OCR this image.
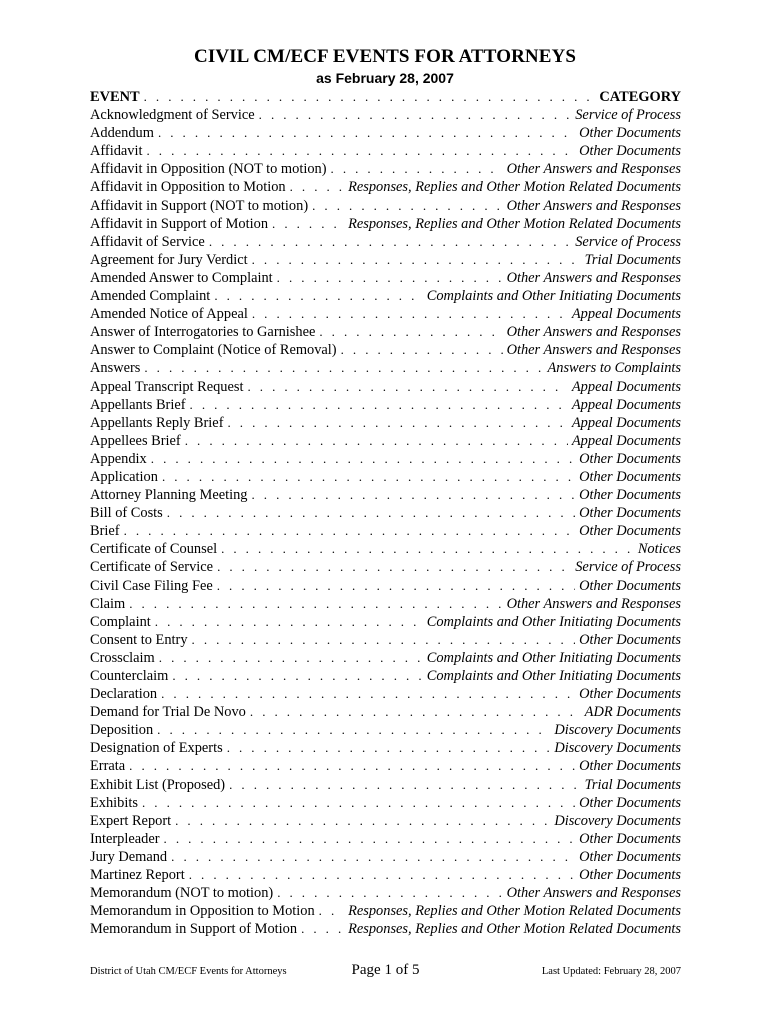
CIVIL CM/ECF EVENTS FOR ATTORNEYS
as February 28, 2007
EVENT . . .	CATEGORY
Acknowledgment of Service . . .	Service of Process
Addendum . . .	Other Documents
Affidavit . . .	Other Documents
Affidavit in Opposition (NOT to motion) . . .	Other Answers and Responses
Affidavit in Opposition to Motion . . .	Responses, Replies and Other Motion Related Documents
Affidavit in Support (NOT to motion) . . .	Other Answers and Responses
Affidavit in Support of Motion . . .	Responses, Replies and Other Motion Related Documents
Affidavit of Service . . .	Service of Process
Agreement for Jury Verdict . . .	Trial Documents
Amended Answer to Complaint . . .	Other Answers and Responses
Amended Complaint . . .	Complaints and Other Initiating Documents
Amended Notice of Appeal . . .	Appeal Documents
Answer of Interrogatories to Garnishee . . .	Other Answers and Responses
Answer to Complaint (Notice of Removal) . . .	Other Answers and Responses
Answers . . .	Answers to Complaints
Appeal Transcript Request . . .	Appeal Documents
Appellants Brief . . .	Appeal Documents
Appellants Reply Brief . . .	Appeal Documents
Appellees Brief . . .	Appeal Documents
Appendix . . .	Other Documents
Application . . .	Other Documents
Attorney Planning Meeting . . .	Other Documents
Bill of Costs . . .	Other Documents
Brief . . .	Other Documents
Certificate of Counsel . . .	Notices
Certificate of Service . . .	Service of Process
Civil Case Filing Fee . . .	Other Documents
Claim . . .	Other Answers and Responses
Complaint . . .	Complaints and Other Initiating Documents
Consent to Entry . . .	Other Documents
Crossclaim . . .	Complaints and Other Initiating Documents
Counterclaim . . .	Complaints and Other Initiating Documents
Declaration . . .	Other Documents
Demand for Trial De Novo . . .	ADR Documents
Deposition . . .	Discovery Documents
Designation of Experts . . .	Discovery Documents
Errata . . .	Other Documents
Exhibit List (Proposed) . . .	Trial Documents
Exhibits . . .	Other Documents
Expert Report . . .	Discovery Documents
Interpleader . . .	Other Documents
Jury Demand . . .	Other Documents
Martinez Report . . .	Other Documents
Memorandum (NOT to motion) . . .	Other Answers and Responses
Memorandum in Opposition to Motion . . . Responses, Replies and Other Motion Related Documents
Memorandum in Support of Motion . . .	Responses, Replies and Other Motion Related Documents
District of Utah CM/ECF Events for Attorneys	Page 1 of 5	Last Updated: February 28, 2007
